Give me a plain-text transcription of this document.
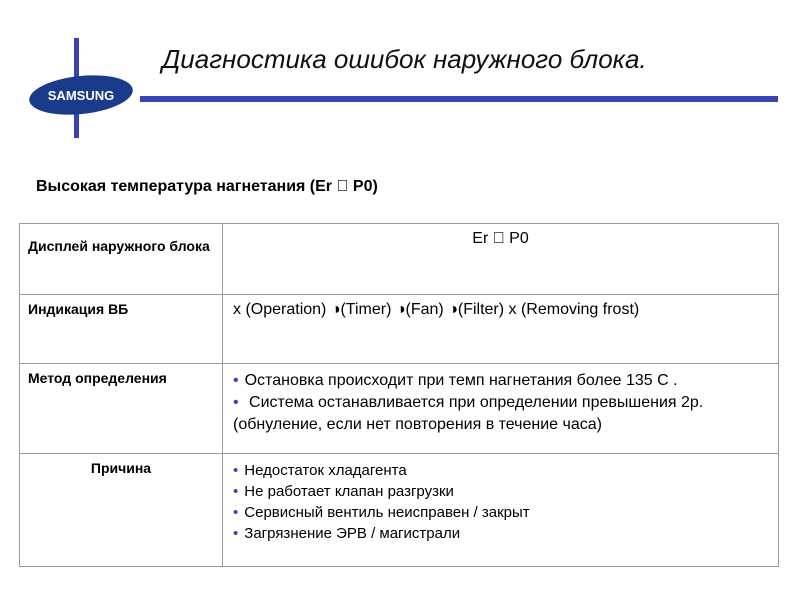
SAMSUNG
Диагностика ошибок наружного блока.
Высокая температура нагнетания (Er P0)
Дисплей наружного блока	Er P0
Индикация ВБ	х (Operation) ◑(Timer) ◑(Fan) ◑(Filter) х (Removing frost)
Метод определения	• Остановка происходит при темп нагнетания более 135 С .
• Система останавливается при определении превышения 2р.
(обнуление, если нет повторения в течение часа)

Причина	• Недостаток хладагента
• Не работает клапан разгрузки
• Сервисный вентиль неисправен / закрыт
• Загрязнение ЭРВ / магистрали
